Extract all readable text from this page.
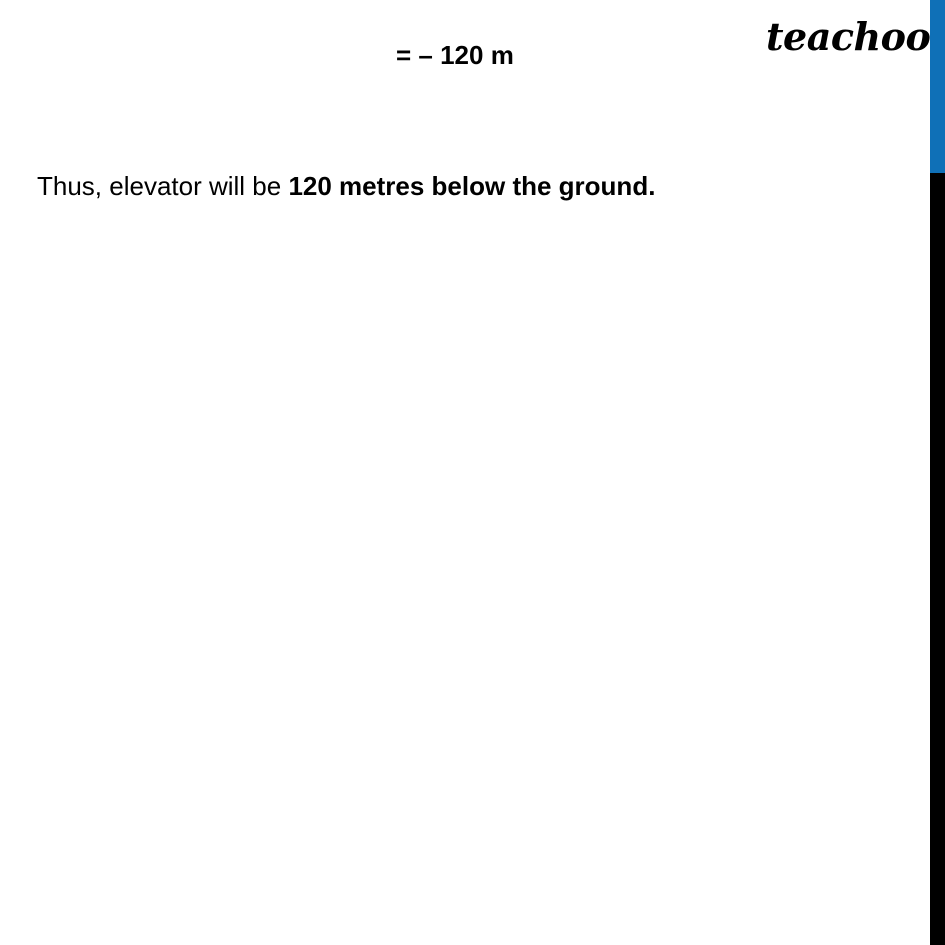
= – 120 m	teachoo
Thus, elevator will be 120 metres below the ground.
